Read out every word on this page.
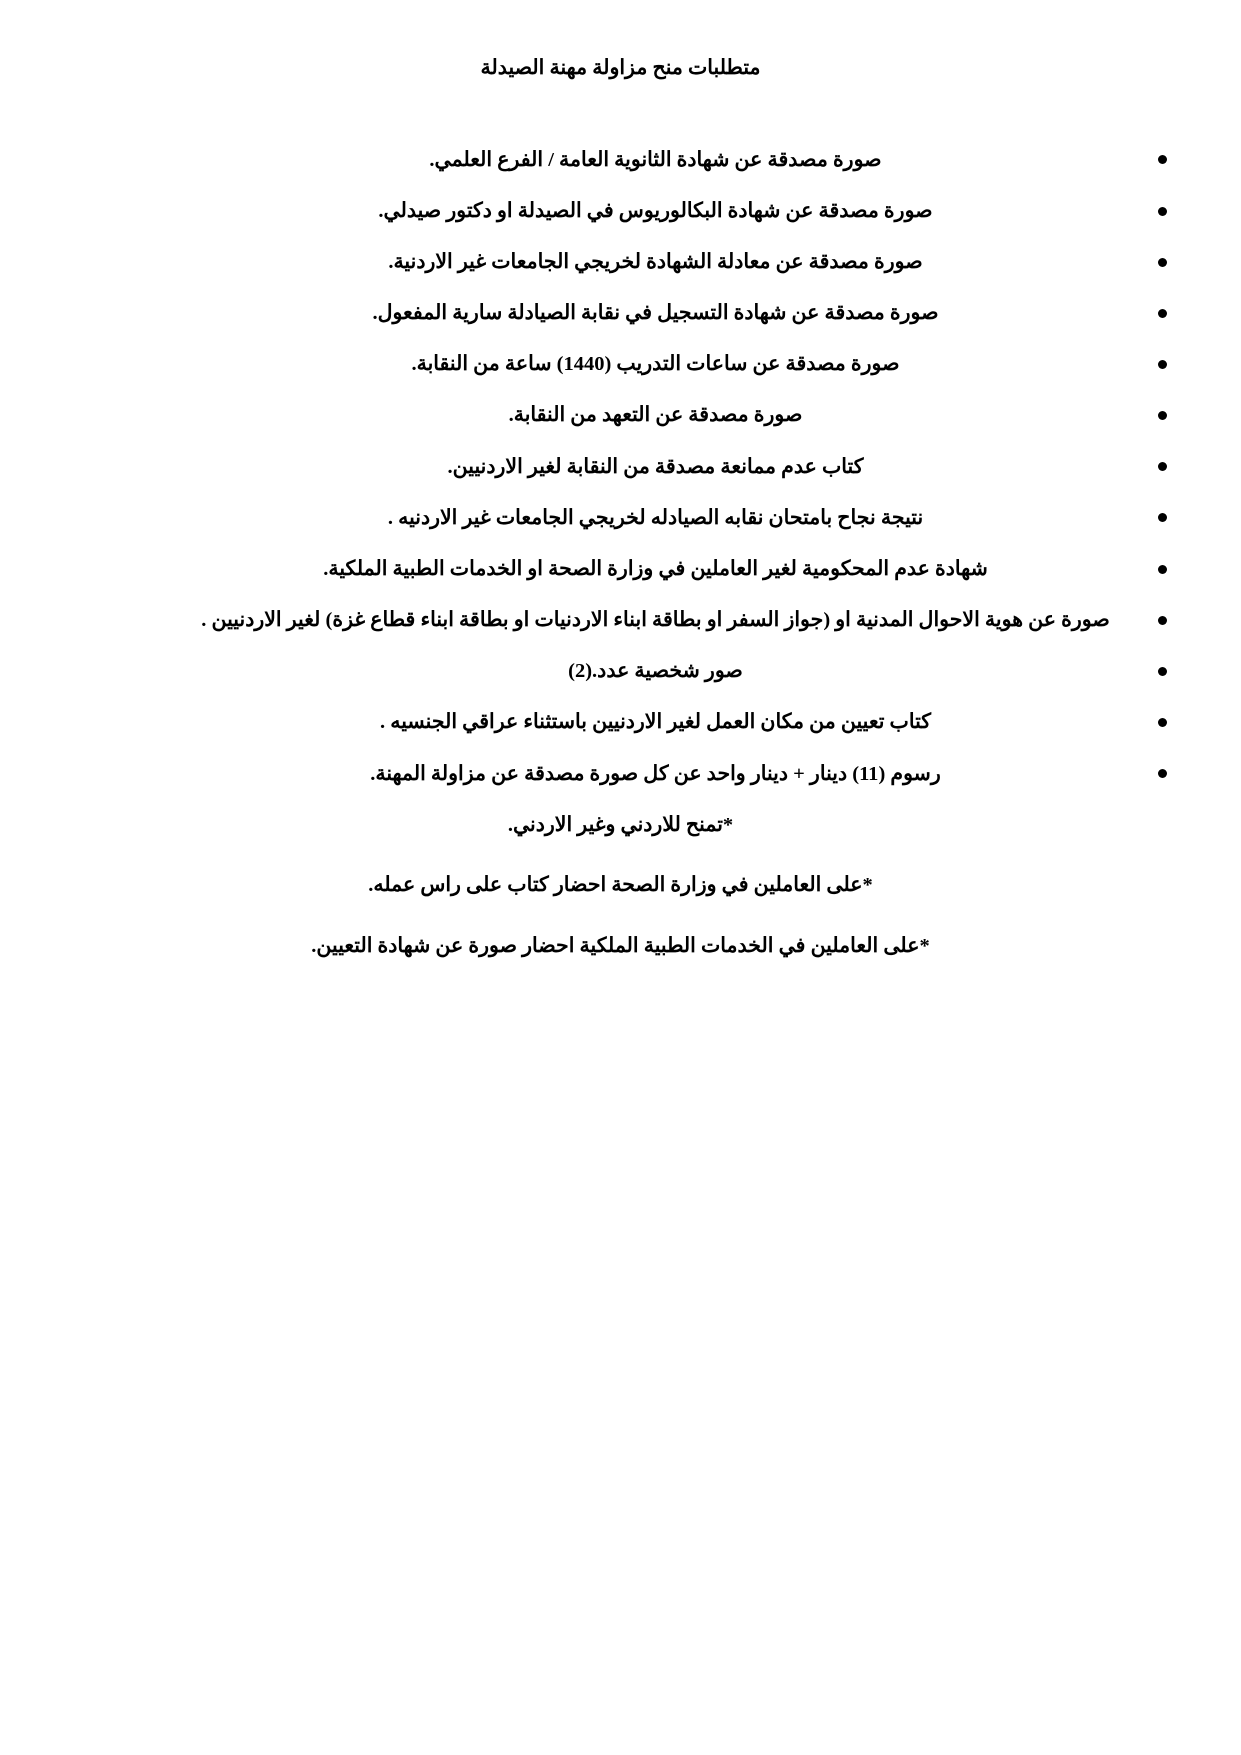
متطلبات منح مزاولة مهنة الصيدلة
صورة مصدقة عن شهادة الثانوية العامة / الفرع العلمي.
صورة مصدقة عن شهادة البكالوريوس في الصيدلة او دكتور صيدلي.
صورة مصدقة عن معادلة الشهادة لخريجي الجامعات غير الاردنية.
صورة مصدقة عن شهادة التسجيل في نقابة الصيادلة سارية المفعول.
صورة مصدقة عن ساعات التدريب (1440) ساعة من النقابة.
صورة مصدقة عن التعهد من النقابة.
كتاب عدم ممانعة مصدقة من النقابة لغير الاردنيين.
نتيجة نجاح بامتحان نقابه الصيادله لخريجي الجامعات غير الاردنيه .
شهادة عدم المحكومية لغير العاملين في وزارة الصحة او الخدمات الطبية الملكية.
صورة عن هوية الاحوال المدنية او (جواز السفر او بطاقة ابناء الاردنيات او بطاقة ابناء قطاع غزة) لغير الاردنيين .
صور شخصية عدد.(2)
كتاب تعيين من مكان العمل لغير الاردنيين باستثناء عراقي الجنسيه .
رسوم (11) دينار + دينار واحد عن كل صورة مصدقة عن مزاولة المهنة.

*تمنح للاردني وغير الاردني.

*على العاملين في وزارة الصحة احضار كتاب على راس عمله.

*على العاملين في الخدمات الطبية الملكية احضار صورة عن شهادة التعيين.
